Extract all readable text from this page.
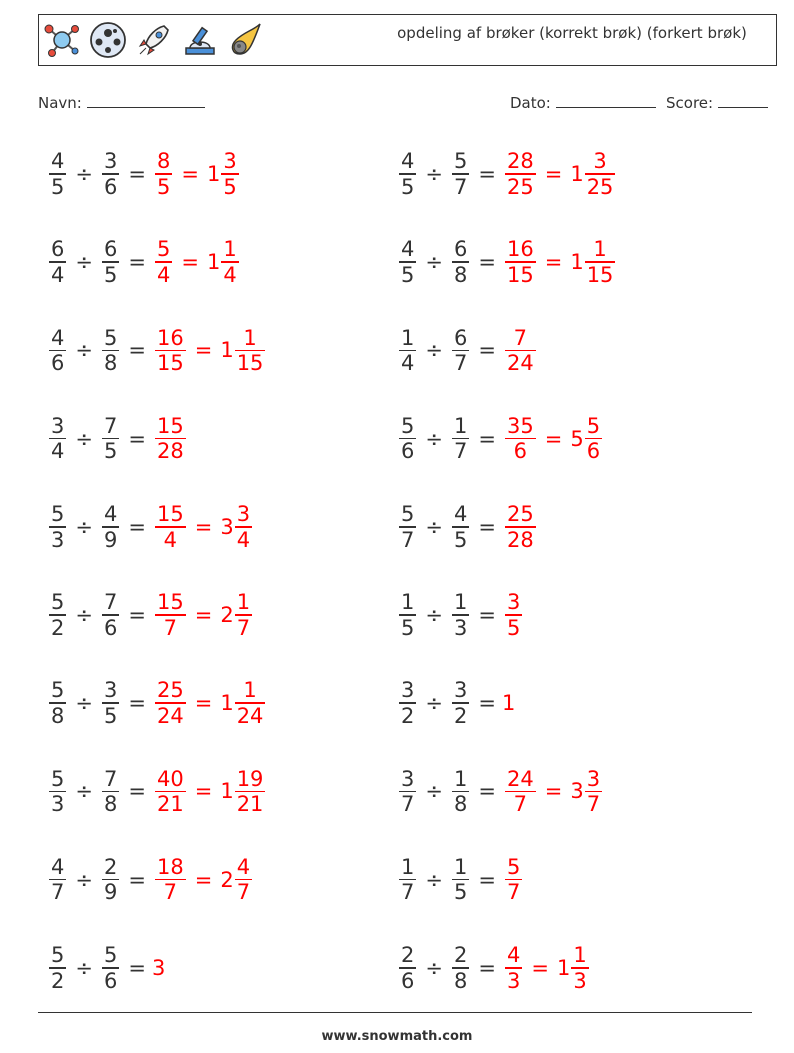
opdeling af brøker (korrekt brøk) (forkert brøk)
Navn:	Dato:	Score:
$\frac{4}{5} \div \frac{3}{6} = \frac{8}{5} = 1 \frac{3}{5}$
$\frac{6}{4} \div \frac{6}{5} = \frac{5}{4} = 1 \frac{1}{4}$
$\frac{4}{6} \div \frac{5}{8} = \frac{16}{15} = 1 \frac{1}{15}$
$\frac{3}{4} \div \frac{7}{5} = \frac{15}{28}$
$\frac{5}{3} \div \frac{4}{9} = \frac{15}{4} = 3 \frac{3}{4}$
$\frac{5}{2} \div \frac{7}{6} = \frac{15}{7} = 2 \frac{1}{7}$
$\frac{5}{8} \div \frac{3}{5} = \frac{25}{24} = 1 \frac{1}{24}$
$\frac{5}{3} \div \frac{7}{8} = \frac{40}{21} = 1 \frac{19}{21}$
$\frac{4}{7} \div \frac{2}{9} = \frac{18}{7} = 2 \frac{4}{7}$
$\frac{5}{2} \div \frac{5}{6} = 3$
$\frac{4}{5} \div \frac{5}{7} = \frac{28}{25} = 1 \frac{3}{25}$
$\frac{4}{5} \div \frac{6}{8} = \frac{16}{15} = 1 \frac{1}{15}$
$\frac{1}{4} \div \frac{6}{7} = \frac{7}{24}$
$\frac{5}{6} \div \frac{1}{7} = \frac{35}{6} = 5 \frac{5}{6}$
$\frac{5}{7} \div \frac{4}{5} = \frac{25}{28}$
$\frac{1}{5} \div \frac{1}{3} = \frac{3}{5}$
$\frac{3}{2} \div \frac{3}{2} = 1$
$\frac{3}{7} \div \frac{1}{8} = \frac{24}{7} = 3 \frac{3}{7}$
$\frac{1}{7} \div \frac{1}{5} = \frac{5}{7}$
$\frac{2}{6} \div \frac{2}{8} = \frac{4}{3} = 1 \frac{1}{3}$
www.snowmath.com
